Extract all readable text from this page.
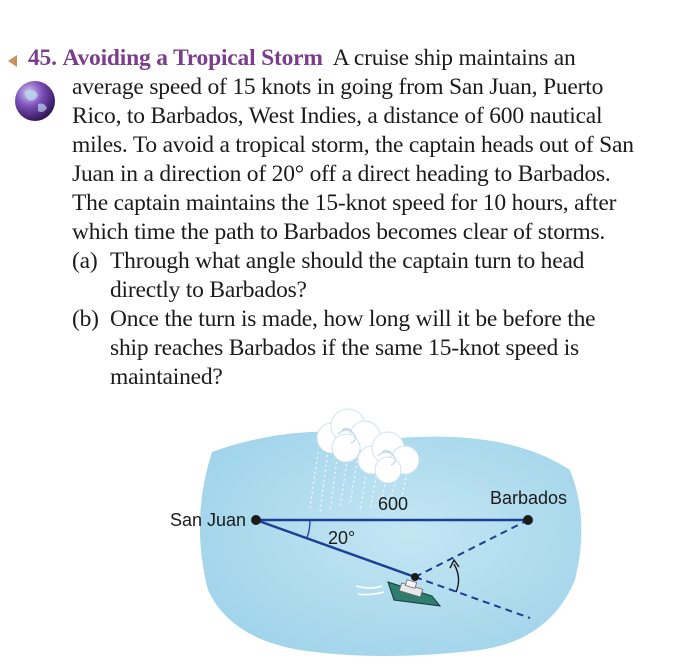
45. Avoiding a Tropical Storm A cruise ship maintains an
average speed of 15 knots in going from San Juan, Puerto
Rico, to Barbados, West Indies, a distance of 600 nautical
miles. To avoid a tropical storm, the captain heads out of San
Juan in a direction of 20° off a direct heading to Barbados.
The captain maintains the 15-knot speed for 10 hours, after
which time the path to Barbados becomes clear of storms.
(a) Through what angle should the captain turn to head
directly to Barbados?
(b) Once the turn is made, how long will it be before the
ship reaches Barbados if the same 15-knot speed is
maintained?
San Juan
Barbados
600
20°
